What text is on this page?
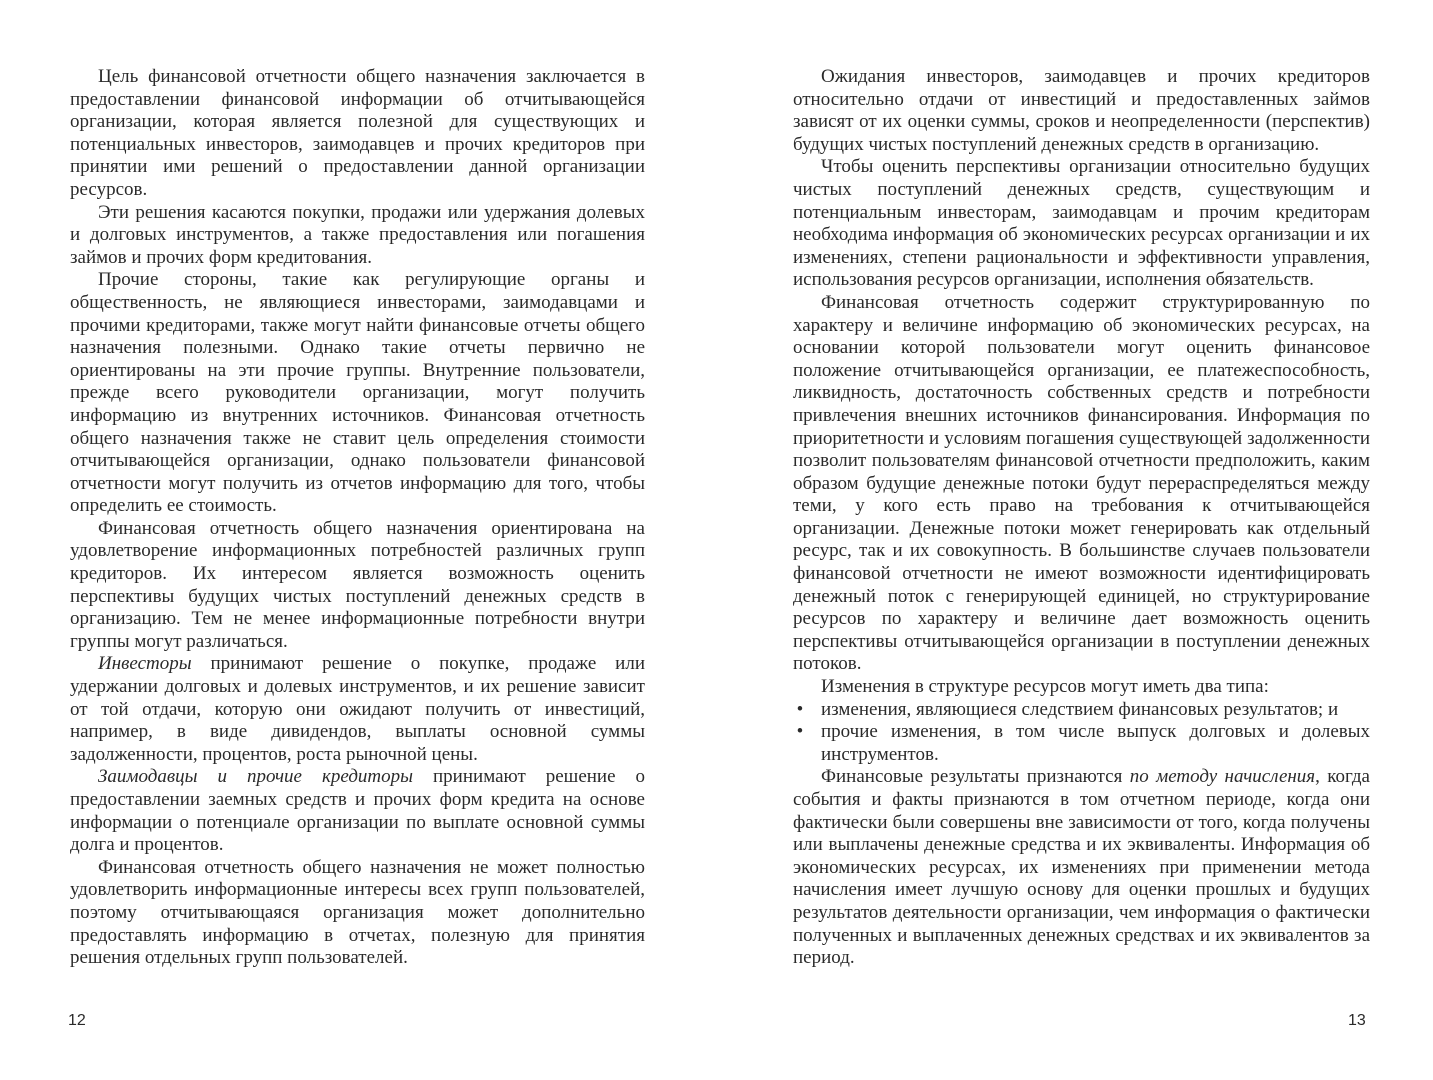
Цель финансовой отчетности общего назначения заключается в предоставлении финансовой информации об отчитывающейся организации, которая является полезной для существующих и потенциальных инвесторов, заимодавцев и прочих кредиторов при принятии ими решений о предоставлении данной организации ресурсов.

Эти решения касаются покупки, продажи или удержания долевых и долговых инструментов, а также предоставления или погашения займов и прочих форм кредитования.

Прочие стороны, такие как регулирующие органы и общественность, не являющиеся инвесторами, заимодавцами и прочими кредиторами, также могут найти финансовые отчеты общего назначения полезными. Однако такие отчеты первично не ориентированы на эти прочие группы. Внутренние пользователи, прежде всего руководители организации, могут получить информацию из внутренних источников. Финансовая отчетность общего назначения также не ставит цель определения стоимости отчитывающейся организации, однако пользователи финансовой отчетности могут получить из отчетов информацию для того, чтобы определить ее стоимость.

Финансовая отчетность общего назначения ориентирована на удовлетворение информационных потребностей различных групп кредиторов. Их интересом является возможность оценить перспективы будущих чистых поступлений денежных средств в организацию. Тем не менее информационные потребности внутри группы могут различаться.

Инвесторы принимают решение о покупке, продаже или удержании долговых и долевых инструментов, и их решение зависит от той отдачи, которую они ожидают получить от инвестиций, например, в виде дивидендов, выплаты основной суммы задолженности, процентов, роста рыночной цены.

Заимодавцы и прочие кредиторы принимают решение о предоставлении заемных средств и прочих форм кредита на основе информации о потенциале организации по выплате основной суммы долга и процентов.

Финансовая отчетность общего назначения не может полностью удовлетворить информационные интересы всех групп пользователей, поэтому отчитывающаяся организация может дополнительно предоставлять информацию в отчетах, полезную для принятия решения отдельных групп пользователей.

Ожидания инвесторов, заимодавцев и прочих кредиторов относительно отдачи от инвестиций и предоставленных займов зависят от их оценки суммы, сроков и неопределенности (перспектив) будущих чистых поступлений денежных средств в организацию.

Чтобы оценить перспективы организации относительно будущих чистых поступлений денежных средств, существующим и потенциальным инвесторам, заимодавцам и прочим кредиторам необходима информация об экономических ресурсах организации и их изменениях, степени рациональности и эффективности управления, использования ресурсов организации, исполнения обязательств.

Финансовая отчетность содержит структурированную по характеру и величине информацию об экономических ресурсах, на основании которой пользователи могут оценить финансовое положение отчитывающейся организации, ее платежеспособность, ликвидность, достаточность собственных средств и потребности привлечения внешних источников финансирования. Информация по приоритетности и условиям погашения существующей задолженности позволит пользователям финансовой отчетности предположить, каким образом будущие денежные потоки будут перераспределяться между теми, у кого есть право на требования к отчитывающейся организации. Денежные потоки может генерировать как отдельный ресурс, так и их совокупность. В большинстве случаев пользователи финансовой отчетности не имеют возможности идентифицировать денежный поток с генерирующей единицей, но структурирование ресурсов по характеру и величине дает возможность оценить перспективы отчитывающейся организации в поступлении денежных потоков.

Изменения в структуре ресурсов могут иметь два типа:

• изменения, являющиеся следствием финансовых результатов; и
• прочие изменения, в том числе выпуск долговых и долевых инструментов.

Финансовые результаты признаются по методу начисления, когда события и факты признаются в том отчетном периоде, когда они фактически были совершены вне зависимости от того, когда получены или выплачены денежные средства и их эквиваленты. Информация об экономических ресурсах, их изменениях при применении метода начисления имеет лучшую основу для оценки прошлых и будущих результатов деятельности организации, чем информация о фактически полученных и выплаченных денежных средствах и их эквивалентов за период.

12	13
